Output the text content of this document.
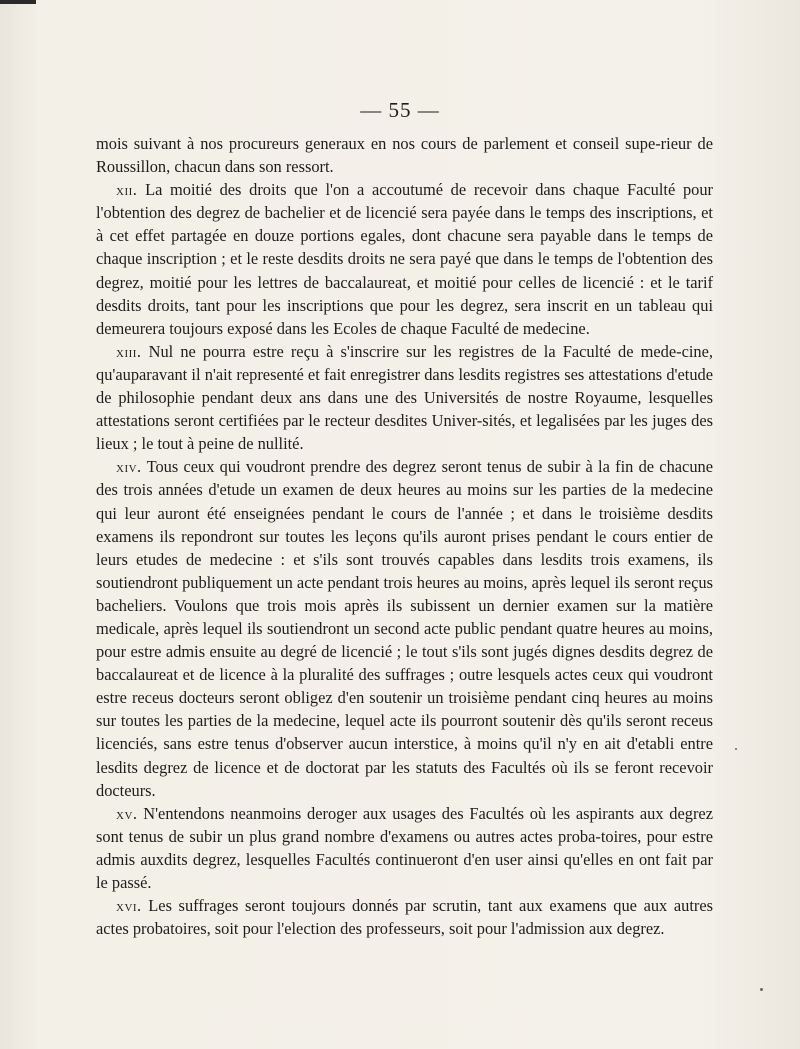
— 55 —

mois suivant à nos procureurs generaux en nos cours de parlement et conseil supe-rieur de Roussillon, chacun dans son ressort.

xii. La moitié des droits que l'on a accoutumé de recevoir dans chaque Faculté pour l'obtention des degrez de bachelier et de licencié sera payée dans le temps des inscriptions, et à cet effet partagée en douze portions egales, dont chacune sera payable dans le temps de chaque inscription ; et le reste desdits droits ne sera payé que dans le temps de l'obtention des degrez, moitié pour les lettres de baccalaureat, et moitié pour celles de licencié : et le tarif desdits droits, tant pour les inscriptions que pour les degrez, sera inscrit en un tableau qui demeurera toujours exposé dans les Ecoles de chaque Faculté de medecine.

xiii. Nul ne pourra estre reçu à s'inscrire sur les registres de la Faculté de mede-cine, qu'auparavant il n'ait representé et fait enregistrer dans lesdits registres ses attestations d'etude de philosophie pendant deux ans dans une des Universités de nostre Royaume, lesquelles attestations seront certifiées par le recteur desdites Univer-sités, et legalisées par les juges des lieux ; le tout à peine de nullité.

xiv. Tous ceux qui voudront prendre des degrez seront tenus de subir à la fin de chacune des trois années d'etude un examen de deux heures au moins sur les parties de la medecine qui leur auront été enseignées pendant le cours de l'année ; et dans le troisième desdits examens ils repondront sur toutes les leçons qu'ils auront prises pendant le cours entier de leurs etudes de medecine : et s'ils sont trouvés capables dans lesdits trois examens, ils soutiendront publiquement un acte pendant trois heures au moins, après lequel ils seront reçus bacheliers. Voulons que trois mois après ils subissent un dernier examen sur la matière medicale, après lequel ils soutiendront un second acte public pendant quatre heures au moins, pour estre admis ensuite au degré de licencié ; le tout s'ils sont jugés dignes desdits degrez de baccalaureat et de licence à la pluralité des suffrages ; outre lesquels actes ceux qui voudront estre receus docteurs seront obligez d'en soutenir un troisième pendant cinq heures au moins sur toutes les parties de la medecine, lequel acte ils pourront soutenir dès qu'ils seront receus licenciés, sans estre tenus d'observer aucun interstice, à moins qu'il n'y en ait d'etabli entre lesdits degrez de licence et de doctorat par les statuts des Facultés où ils se feront recevoir docteurs.

xv. N'entendons neanmoins deroger aux usages des Facultés où les aspirants aux degrez sont tenus de subir un plus grand nombre d'examens ou autres actes proba-toires, pour estre admis auxdits degrez, lesquelles Facultés continueront d'en user ainsi qu'elles en ont fait par le passé.

xvi. Les suffrages seront toujours donnés par scrutin, tant aux examens que aux autres actes probatoires, soit pour l'election des professeurs, soit pour l'admission aux degrez.
